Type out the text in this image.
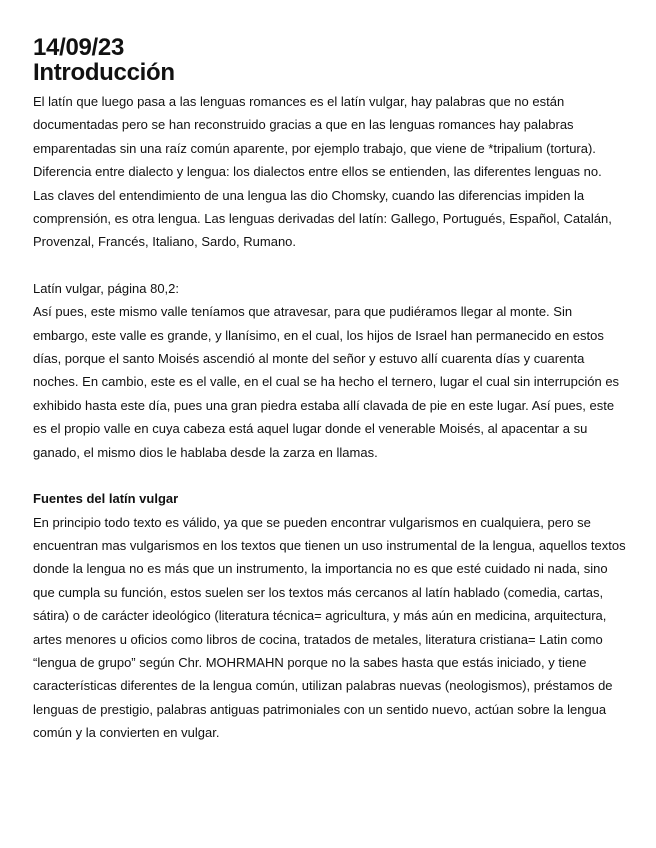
14/09/23
Introducción

El latín que luego pasa a las lenguas romances es el latín vulgar, hay palabras que no están documentadas pero se han reconstruido gracias a que en las lenguas romances hay palabras emparentadas sin una raíz común aparente, por ejemplo trabajo, que viene de *tripalium (tortura). Diferencia entre dialecto y lengua: los dialectos entre ellos se entienden, las diferentes lenguas no. Las claves del entendimiento de una lengua las dio Chomsky, cuando las diferencias impiden la comprensión, es otra lengua. Las lenguas derivadas del latín: Gallego, Portugués, Español, Catalán, Provenzal, Francés, Italiano, Sardo, Rumano.

Latín vulgar, página 80,2:

Así pues, este mismo valle teníamos que atravesar, para que pudiéramos llegar al monte. Sin embargo, este valle es grande, y llanísimo, en el cual, los hijos de Israel han permanecido en estos días, porque el santo Moisés ascendió al monte del señor y estuvo allí cuarenta días y cuarenta noches. En cambio, este es el valle, en el cual se ha hecho el ternero, lugar el cual sin interrupción es exhibido hasta este día, pues una gran piedra estaba allí clavada de pie en este lugar. Así pues, este es el propio valle en cuya cabeza está aquel lugar donde el venerable Moisés, al apacentar a su ganado, el mismo dios le hablaba desde la zarza en llamas.

Fuentes del latín vulgar

En principio todo texto es válido, ya que se pueden encontrar vulgarismos en cualquiera, pero se encuentran mas vulgarismos en los textos que tienen un uso instrumental de la lengua, aquellos textos donde la lengua no es más que un instrumento, la importancia no es que esté cuidado ni nada, sino que cumpla su función, estos suelen ser los textos más cercanos al latín hablado (comedia, cartas, sátira) o de carácter ideológico (literatura técnica= agricultura, y más aún en medicina, arquitectura, artes menores u oficios como libros de cocina, tratados de metales, literatura cristiana= Latin como “lengua de grupo” según Chr. MOHRMAHN porque no la sabes hasta que estás iniciado, y tiene características diferentes de la lengua común, utilizan palabras nuevas (neologismos), préstamos de lenguas de prestigio, palabras antiguas patrimoniales con un sentido nuevo, actúan sobre la lengua común y la convierten en vulgar.
